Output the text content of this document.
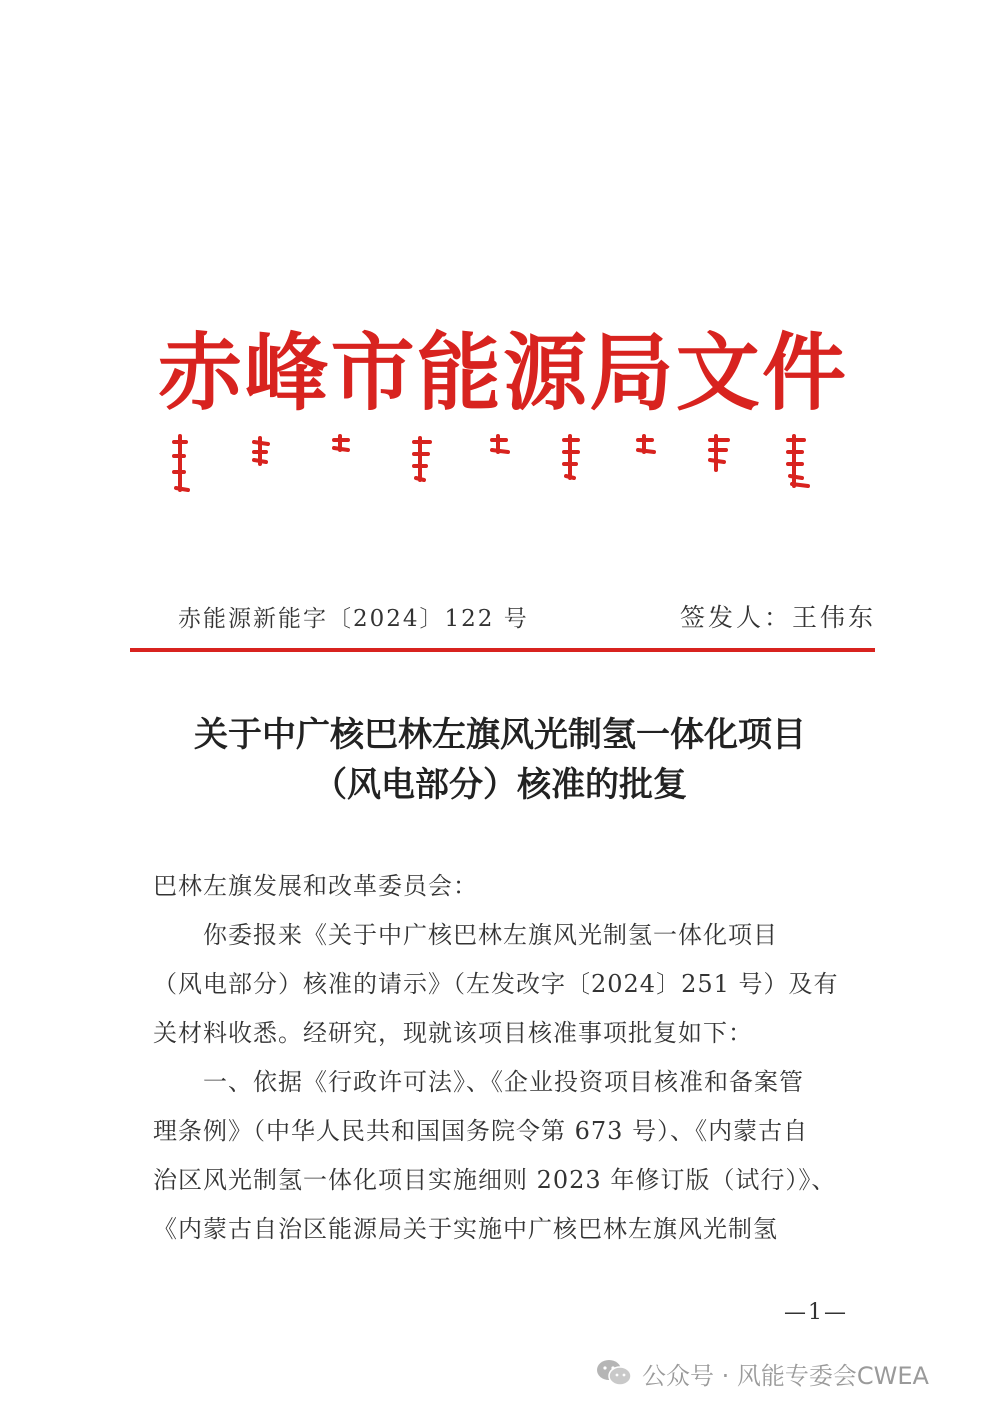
赤峰市能源局文件
赤能源新能字〔2024〕122 号	签发人：王伟东
关于中广核巴林左旗风光制氢一体化项目
（风电部分）核准的批复

巴林左旗发展和改革委员会：

　　你委报来《关于中广核巴林左旗风光制氢一体化项目

（风电部分）核准的请示》（左发改字〔2024〕251 号）及有

关材料收悉。经研究，现就该项目核准事项批复如下：

　　一、依据《行政许可法》、《企业投资项目核准和备案管

理条例》（中华人民共和国国务院令第 673 号）、《内蒙古自

治区风光制氢一体化项目实施细则 2023 年修订版（试行）》、

《内蒙古自治区能源局关于实施中广核巴林左旗风光制氢

—1—
公众号 · 风能专委会CWEA
